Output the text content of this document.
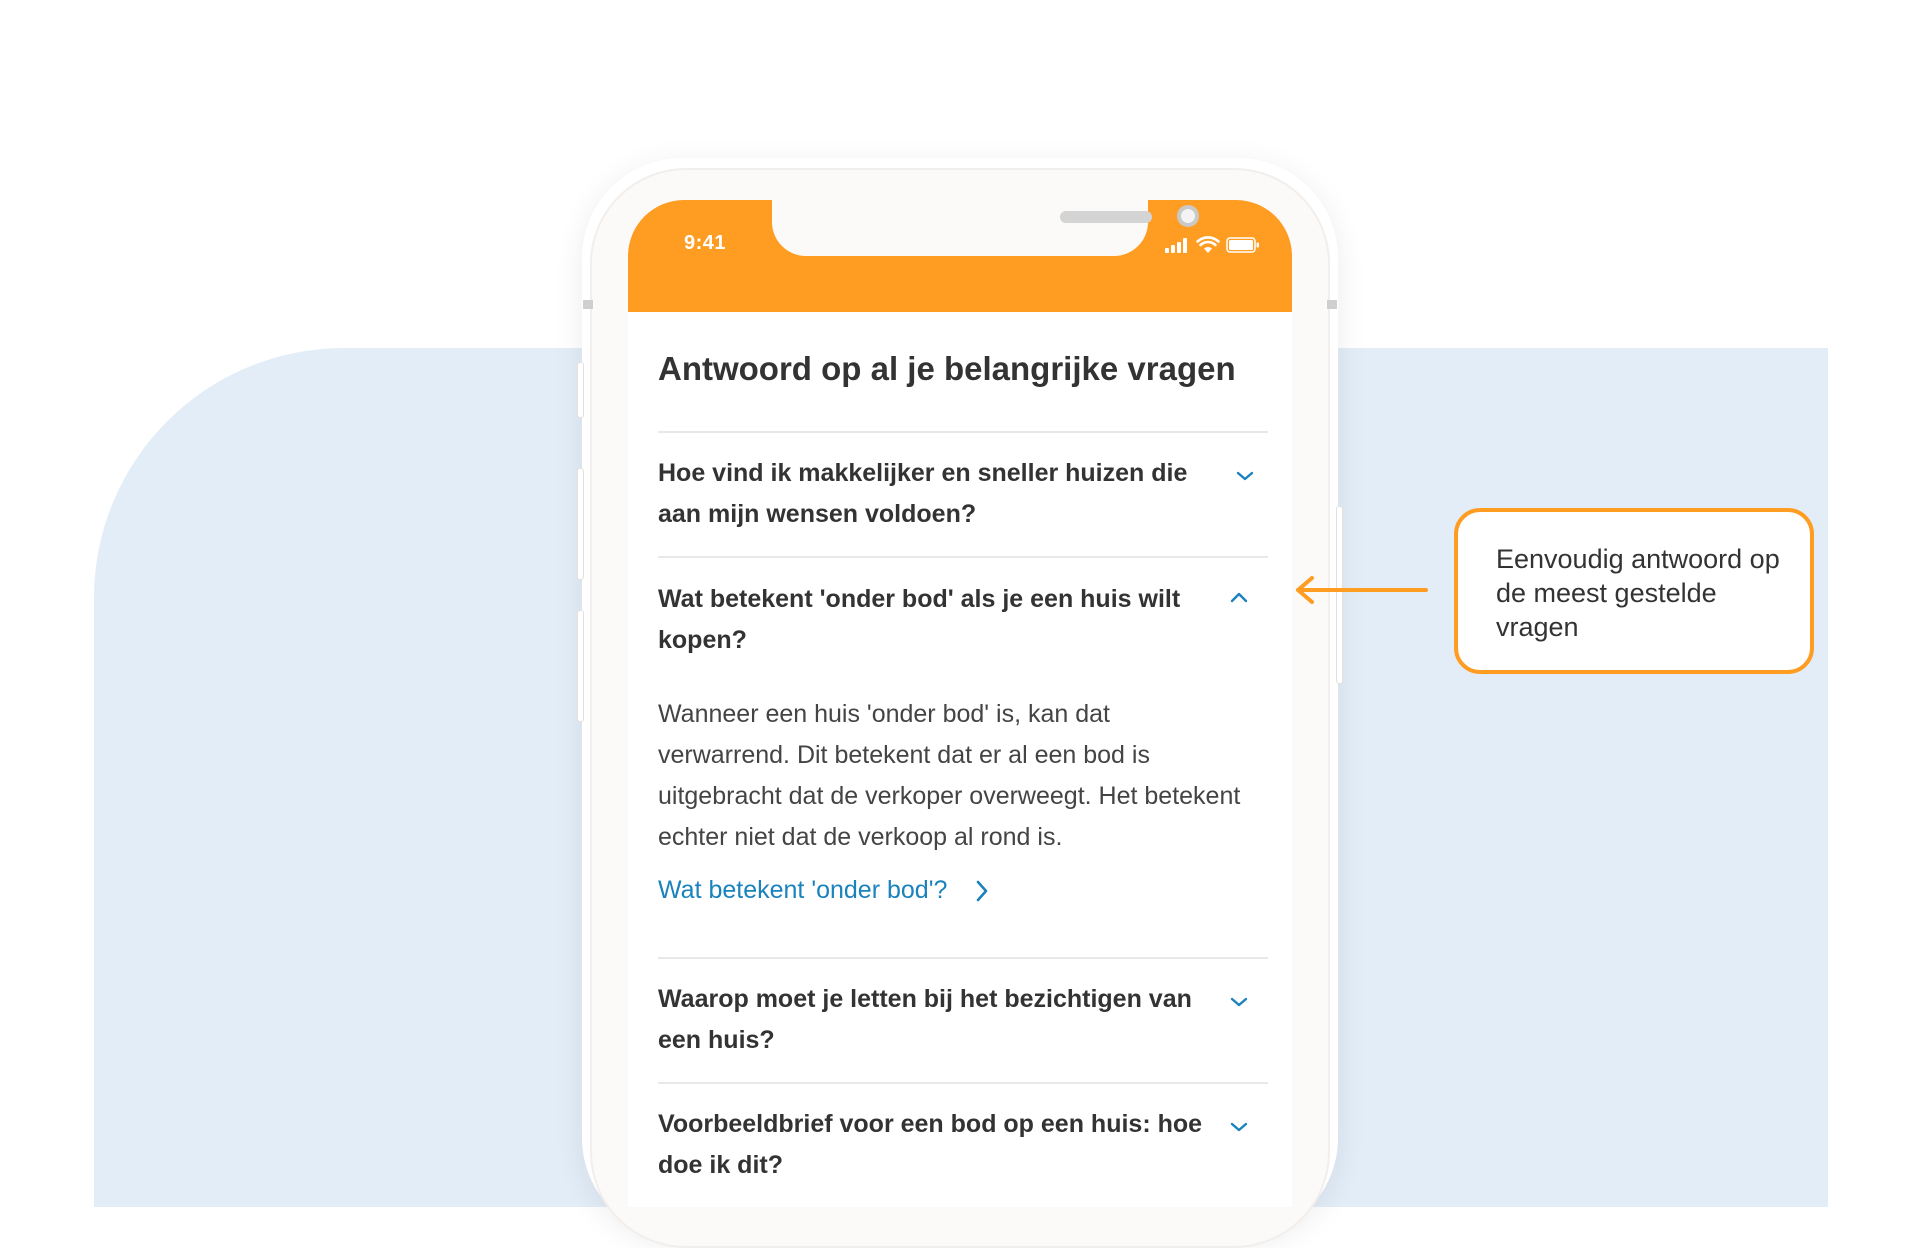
9:41
Antwoord op al je belangrijke vragen
Hoe vind ik makkelijker en sneller huizen die aan mijn wensen voldoen?
Wat betekent 'onder bod' als je een huis wilt kopen?
Wanneer een huis 'onder bod' is, kan dat verwarrend. Dit betekent dat er al een bod is uitgebracht dat de verkoper overweegt. Het betekent echter niet dat de verkoop al rond is.
Wat betekent 'onder bod'?
Waarop moet je letten bij het bezichtigen van een huis?
Voorbeeldbrief voor een bod op een huis: hoe doe ik dit?
Eenvoudig antwoord op de meest gestelde vragen
